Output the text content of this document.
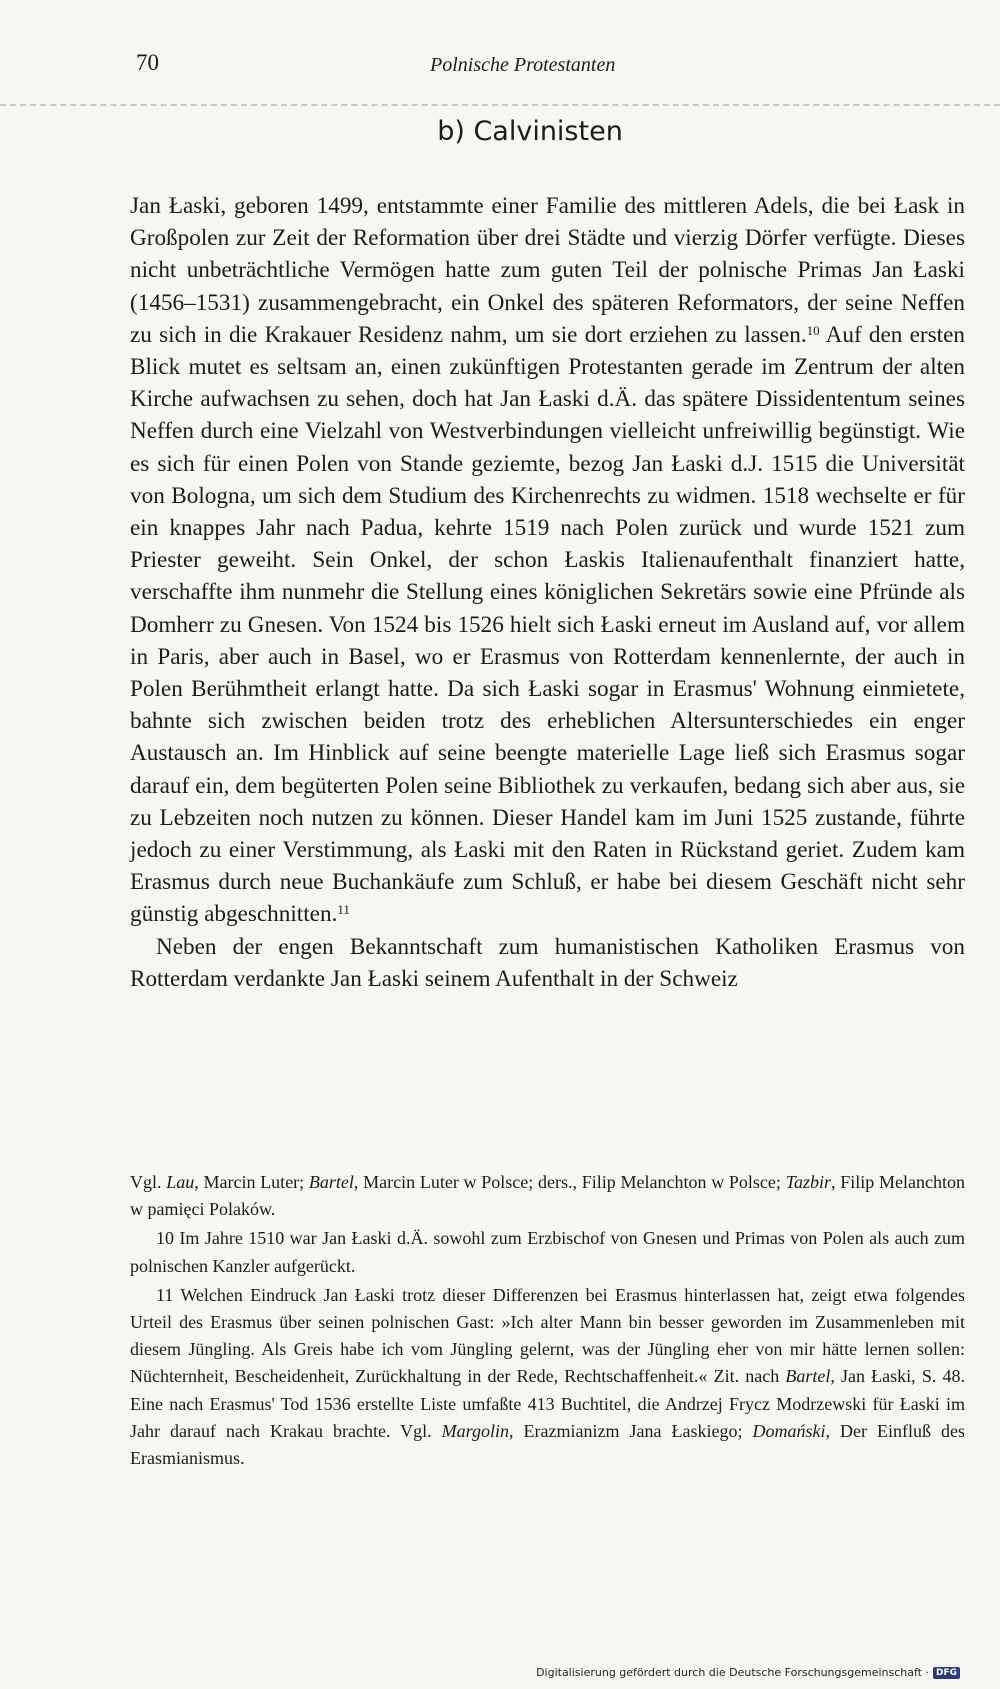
70	Polnische Protestanten
b) Calvinisten

Jan Łaski, geboren 1499, entstammte einer Familie des mittleren Adels, die bei Łask in Großpolen zur Zeit der Reformation über drei Städte und vierzig Dörfer verfügte. Dieses nicht unbeträchtliche Vermögen hatte zum guten Teil der polnische Primas Jan Łaski (1456–1531) zusammengebracht, ein Onkel des späteren Reformators, der seine Neffen zu sich in die Krakauer Residenz nahm, um sie dort erziehen zu lassen.$^{10}$ Auf den ersten Blick mutet es seltsam an, einen zukünftigen Protestanten gerade im Zentrum der alten Kirche aufwachsen zu sehen, doch hat Jan Łaski d.Ä. das spätere Dissidententum seines Neffen durch eine Vielzahl von Westverbindungen vielleicht unfreiwillig begünstigt. Wie es sich für einen Polen von Stande geziemte, bezog Jan Łaski d.J. 1515 die Universität von Bologna, um sich dem Studium des Kirchenrechts zu widmen. 1518 wechselte er für ein knappes Jahr nach Padua, kehrte 1519 nach Polen zurück und wurde 1521 zum Priester geweiht. Sein Onkel, der schon Łaskis Italienaufenthalt finanziert hatte, verschaffte ihm nunmehr die Stellung eines königlichen Sekretärs sowie eine Pfründe als Domherr zu Gnesen. Von 1524 bis 1526 hielt sich Łaski erneut im Ausland auf, vor allem in Paris, aber auch in Basel, wo er Erasmus von Rotterdam kennenlernte, der auch in Polen Berühmtheit erlangt hatte. Da sich Łaski sogar in Erasmus' Wohnung einmietete, bahnte sich zwischen beiden trotz des erheblichen Altersunterschiedes ein enger Austausch an. Im Hinblick auf seine beengte materielle Lage ließ sich Erasmus sogar darauf ein, dem begüterten Polen seine Bibliothek zu verkaufen, bedang sich aber aus, sie zu Lebzeiten noch nutzen zu können. Dieser Handel kam im Juni 1525 zustande, führte jedoch zu einer Verstimmung, als Łaski mit den Raten in Rückstand geriet. Zudem kam Erasmus durch neue Buchankäufe zum Schluß, er habe bei diesem Geschäft nicht sehr günstig abgeschnitten.$^{11}$

Neben der engen Bekanntschaft zum humanistischen Katholiken Erasmus von Rotterdam verdankte Jan Łaski seinem Aufenthalt in der Schweiz

Vgl. Lau, Marcin Luter; Bartel, Marcin Luter w Polsce; ders., Filip Melanchton w Polsce; Tazbir, Filip Melanchton w pamięci Polaków.

10 Im Jahre 1510 war Jan Łaski d.Ä. sowohl zum Erzbischof von Gnesen und Primas von Polen als auch zum polnischen Kanzler aufgerückt.

11 Welchen Eindruck Jan Łaski trotz dieser Differenzen bei Erasmus hinterlassen hat, zeigt etwa folgendes Urteil des Erasmus über seinen polnischen Gast: »Ich alter Mann bin besser geworden im Zusammenleben mit diesem Jüngling. Als Greis habe ich vom Jüngling gelernt, was der Jüngling eher von mir hätte lernen sollen: Nüchternheit, Bescheidenheit, Zurückhaltung in der Rede, Rechtschaffenheit.« Zit. nach Bartel, Jan Łaski, S. 48. Eine nach Erasmus' Tod 1536 erstellte Liste umfaßte 413 Buchtitel, die Andrzej Frycz Modrzewski für Łaski im Jahr darauf nach Krakau brachte. Vgl. Margolin, Erazmianizm Jana Łaskiego; Domański, Der Einfluß des Erasmianismus.

Digitalisierung gefördert durch die Deutsche Forschungsgemeinschaft · DFG
